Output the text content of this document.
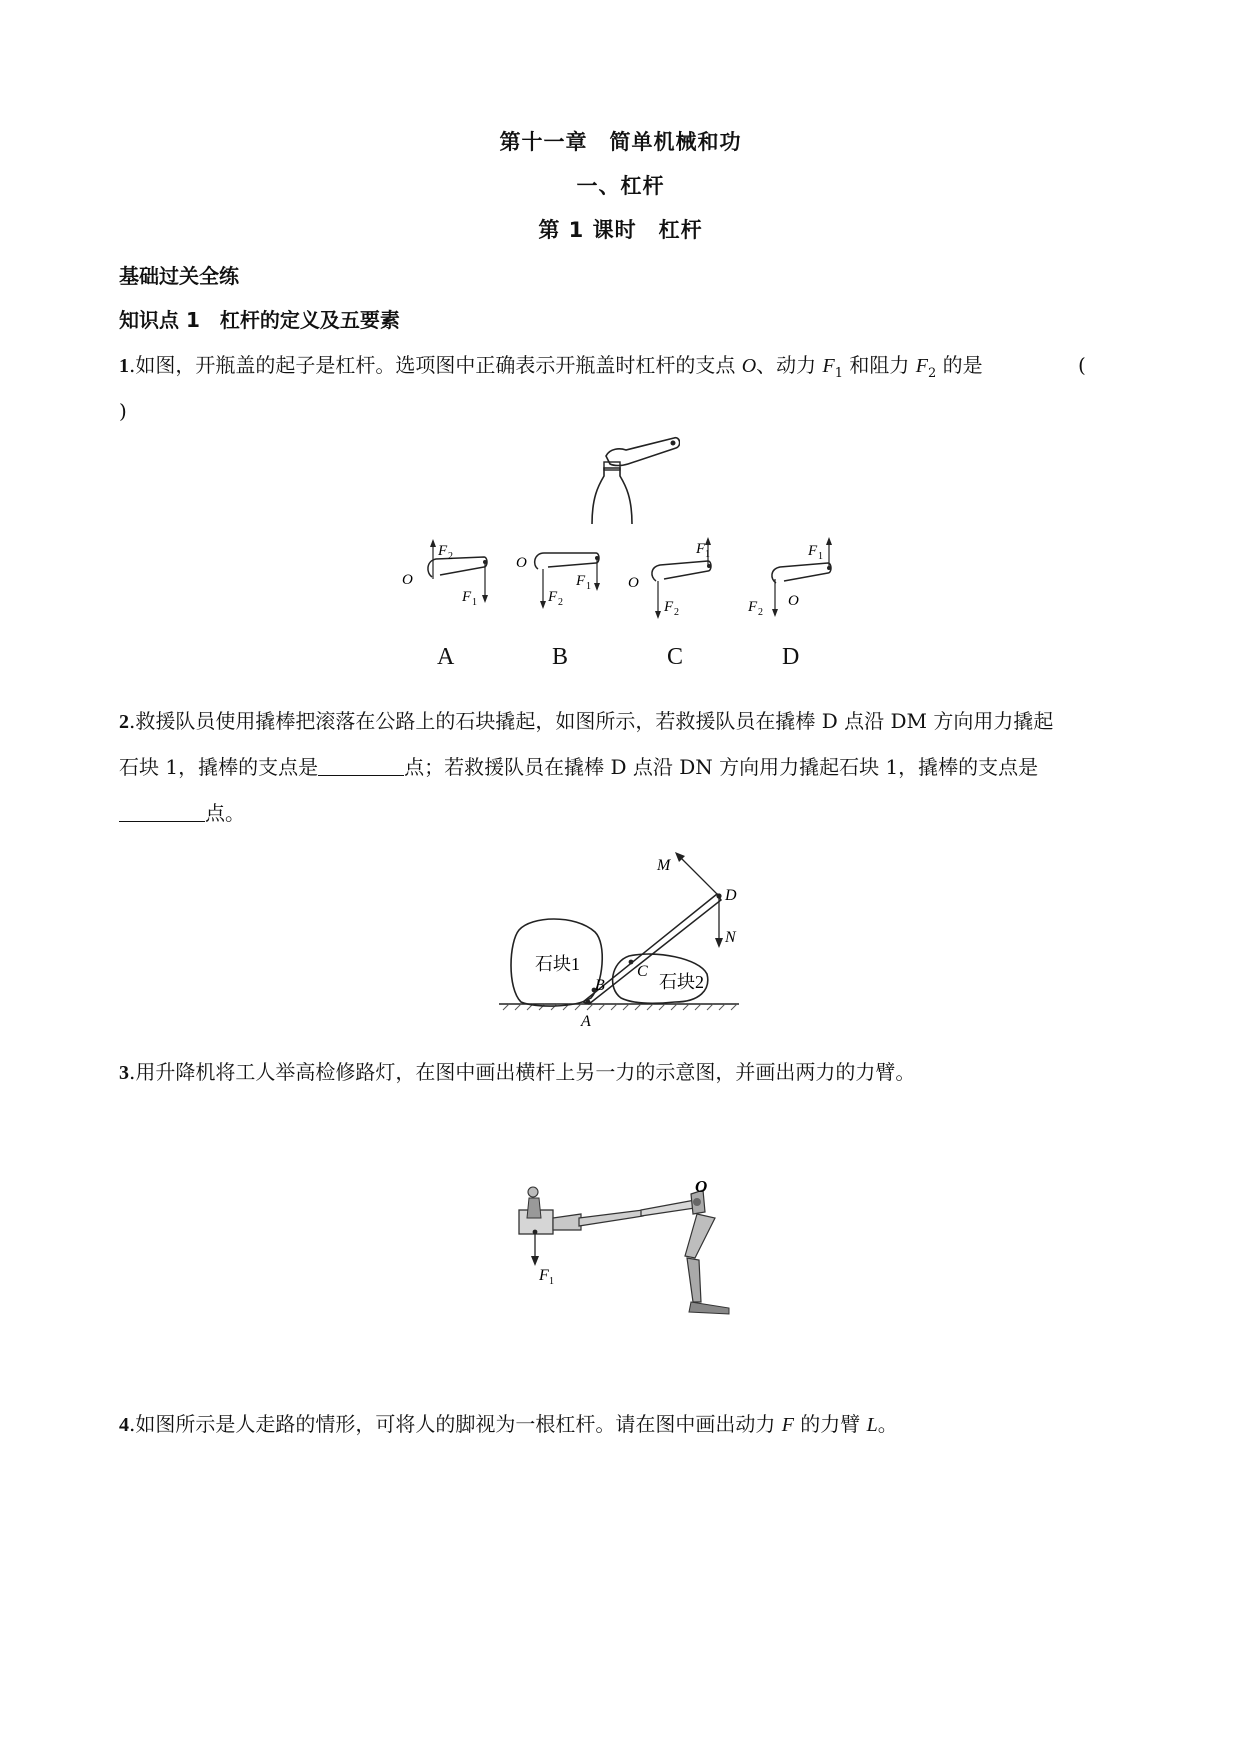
第十一章　简单机械和功
一、杠杆
第 1 课时　杠杆
基础过关全练
知识点 1　杠杆的定义及五要素
1.如图，开瓶盖的起子是杠杆。选项图中正确表示开瓶盖时杠杆的支点 O、动力 $F_1$ 和阻力 $F_2$ 的是	(
)
F 2
O
F 1
O
F 2
F 1
F 1
O
F 2
F 1
O
F 2
A	B	C	D
2.救援队员使用撬棒把滚落在公路上的石块撬起，如图所示，若救援队员在撬棒 D 点沿 DM 方向用力撬起
石块 1，撬棒的支点是	点；若救援队员在撬棒 D 点沿 DN 方向用力撬起石块 1，撬棒的支点是
点。
M
D
N
A
B
C
石块1
石块2
3.用升降机将工人举高检修路灯，在图中画出横杆上另一力的示意图，并画出两力的力臂。
O
F 1
4.如图所示是人走路的情形，可将人的脚视为一根杠杆。请在图中画出动力 F 的力臂 L。
